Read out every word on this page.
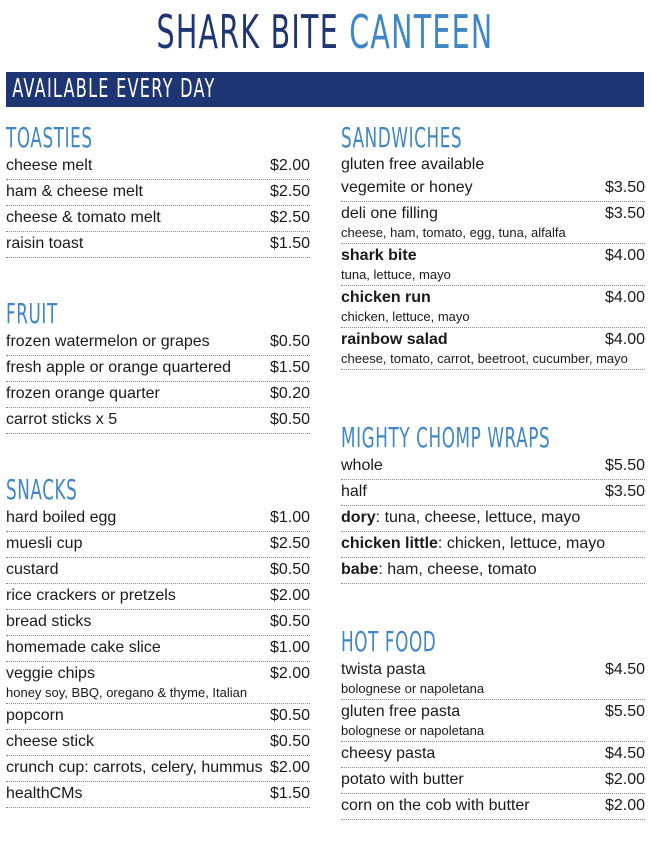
SHARK BITE CANTEEN
AVAILABLE EVERY DAY
TOASTIES
cheese melt	$2.00
ham & cheese melt	$2.50
cheese & tomato melt	$2.50
raisin toast	$1.50
FRUIT
frozen watermelon or grapes	$0.50
fresh apple or orange quartered $1.50
frozen orange quarter	$0.20
carrot sticks x 5	$0.50
SNACKS
hard boiled egg	$1.00
muesli cup	$2.50
custard	$0.50
rice crackers or pretzels	$2.00
bread sticks	$0.50
homemade cake slice	$1.00
veggie chips	$2.00
honey soy, BBQ, oregano & thyme, Italian
popcorn	$0.50
cheese stick	$0.50
crunch cup: carrots, celery, hummus $2.00
healthCMs	$1.50
SANDWICHES
gluten free available
vegemite or honey	$3.50
deli one filling	$3.50
cheese, ham, tomato, egg, tuna, alfalfa
shark bite	$4.00
tuna, lettuce, mayo
chicken run	$4.00
chicken, lettuce, mayo
rainbow salad	$4.00
cheese, tomato, carrot, beetroot, cucumber, mayo
MIGHTY CHOMP WRAPS
whole	$5.50
half	$3.50
dory: tuna, cheese, lettuce, mayo
chicken little: chicken, lettuce, mayo
babe: ham, cheese, tomato
HOT FOOD
twista pasta	$4.50
bolognese or napoletana
gluten free pasta	$5.50
bolognese or napoletana
cheesy pasta	$4.50
potato with butter	$2.00
corn on the cob with butter	$2.00
